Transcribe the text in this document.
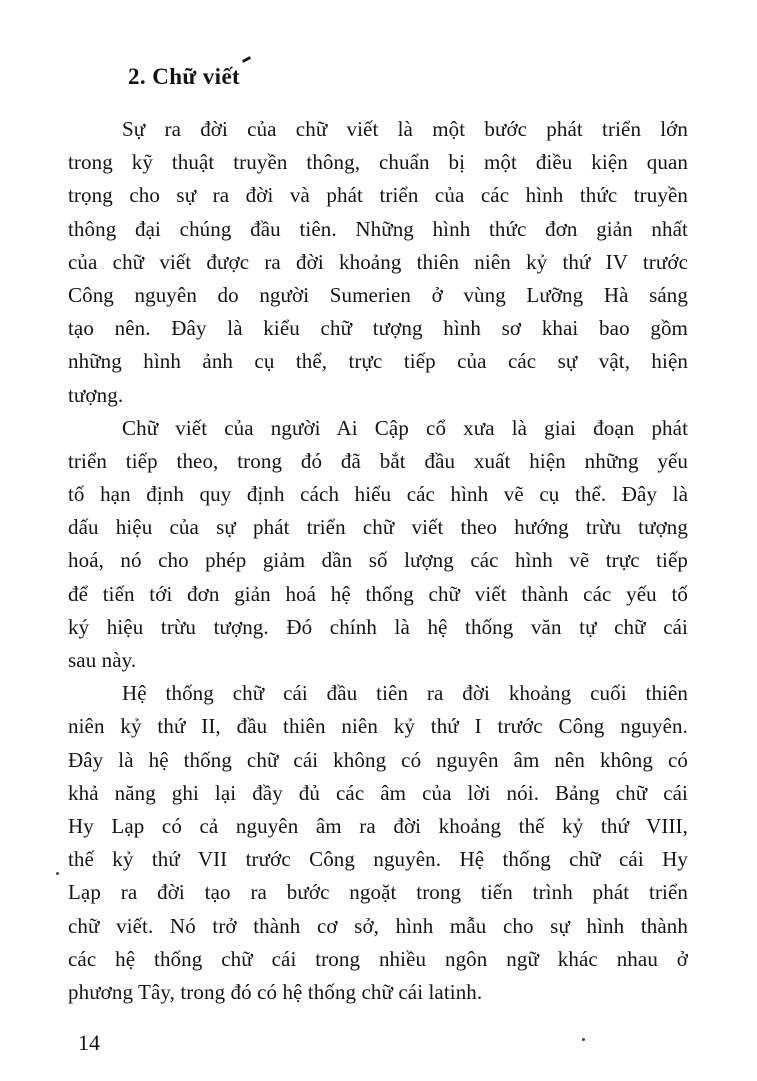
2. Chữ viết
Sự ra đời của chữ viết là một bước phát triển lớn
trong kỹ thuật truyền thông, chuẩn bị một điều kiện quan
trọng cho sự ra đời và phát triển của các hình thức truyền
thông đại chúng đầu tiên. Những hình thức đơn giản nhất
của chữ viết được ra đời khoảng thiên niên kỷ thứ IV trước
Công nguyên do người Sumerien ở vùng Lưỡng Hà sáng
tạo nên. Đây là kiểu chữ tượng hình sơ khai bao gồm
những hình ảnh cụ thể, trực tiếp của các sự vật, hiện
tượng.
Chữ viết của người Ai Cập cổ xưa là giai đoạn phát
triển tiếp theo, trong đó đã bắt đầu xuất hiện những yếu
tố hạn định quy định cách hiểu các hình vẽ cụ thể. Đây là
dấu hiệu của sự phát triển chữ viết theo hướng trừu tượng
hoá, nó cho phép giảm dần số lượng các hình vẽ trực tiếp
để tiến tới đơn giản hoá hệ thống chữ viết thành các yếu tố
ký hiệu trừu tượng. Đó chính là hệ thống văn tự chữ cái
sau này.
Hệ thống chữ cái đầu tiên ra đời khoảng cuối thiên
niên kỷ thứ II, đầu thiên niên kỷ thứ I trước Công nguyên.
Đây là hệ thống chữ cái không có nguyên âm nên không có
khả năng ghi lại đầy đủ các âm của lời nói. Bảng chữ cái
Hy Lạp có cả nguyên âm ra đời khoảng thế kỷ thứ VIII,
thế kỷ thứ VII trước Công nguyên. Hệ thống chữ cái Hy
Lạp ra đời tạo ra bước ngoặt trong tiến trình phát triển
chữ viết. Nó trở thành cơ sở, hình mẫu cho sự hình thành
các hệ thống chữ cái trong nhiều ngôn ngữ khác nhau ở
phương Tây, trong đó có hệ thống chữ cái latinh.
14
